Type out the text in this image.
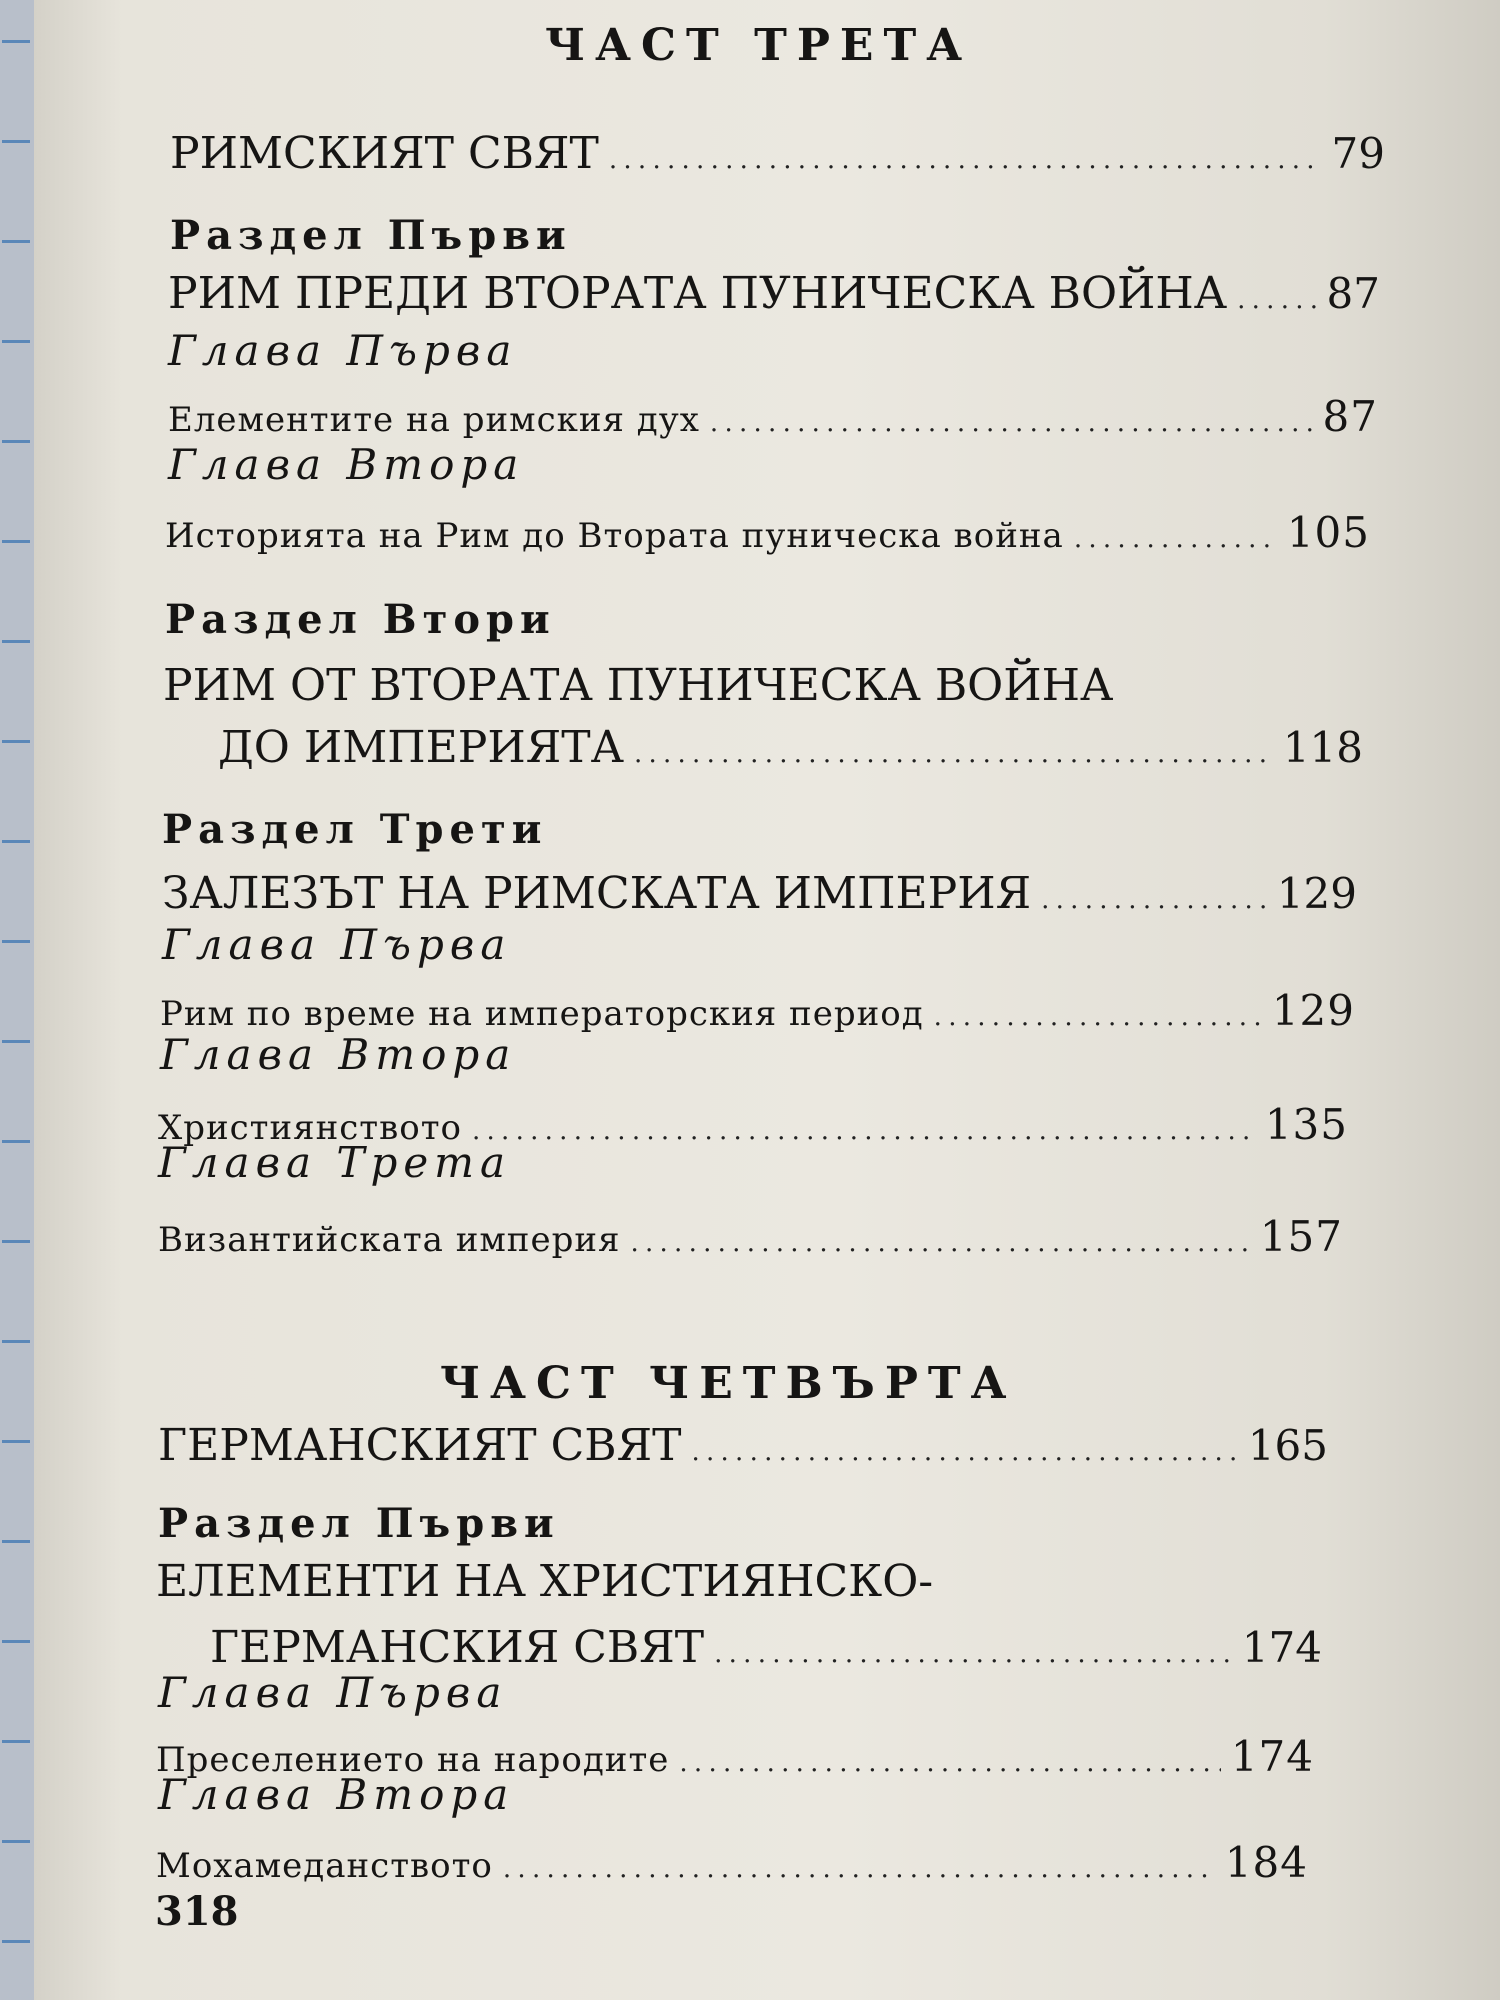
ЧАСТ ТРЕТА
РИМСКИЯТ СВЯТ . . .	79
Раздел Първи
РИМ ПРЕДИ ВТОРАТА ПУНИЧЕСКА ВОЙНА . . . 87
Глава Първа
Елементите на римския дух . . .	87
Глава Втора
Историята на Рим до Втората пуническа война . . .	105
Раздел Втори
РИМ ОТ ВТОРАТА ПУНИЧЕСКА ВОЙНА
ДО ИМПЕРИЯТА . . .	118
Раздел Трети
ЗАЛЕЗЪТ НА РИМСКАТА ИМПЕРИЯ . . .	129
Глава Първа
Рим по време на императорския период . . .	129
Глава Втора
Християнството . . .	135
Глава Трета
Византийската империя . . .	157
ЧАСТ ЧЕТВЪРТА
ГЕРМАНСКИЯТ СВЯТ . . .	165
Раздел Първи
ЕЛЕМЕНТИ НА ХРИСТИЯНСКО-
ГЕРМАНСКИЯ СВЯТ . . .	174
Глава Първа
Преселението на народите . . .	174
Глава Втора
Мохамеданството . . .	184
318
